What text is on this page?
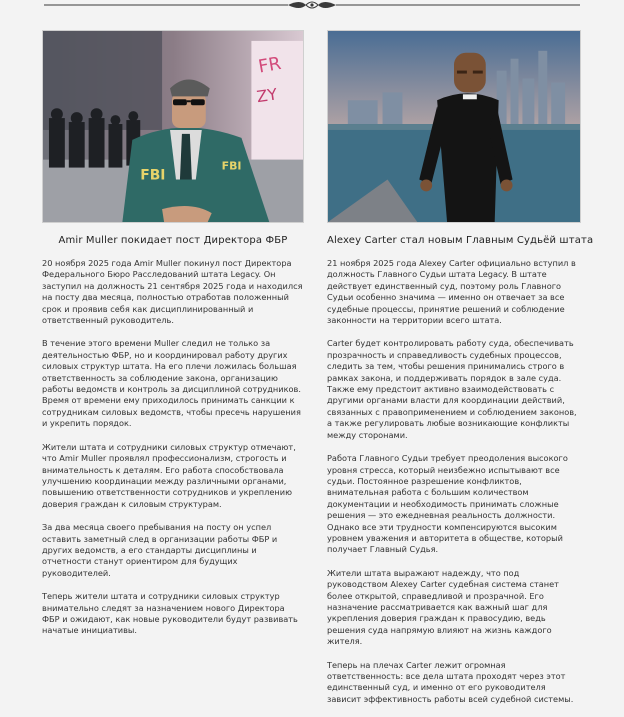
FR
ZY
FBI
FBI
Amir Muller покидает пост Директора ФБР

20 ноября 2025 года Amir Muller покинул пост Директора Федерального Бюро Расследований штата Legacy. Он заступил на должность 21 сентября 2025 года и находился на посту два месяца, полностью отработав положенный срок и проявив себя как дисциплинированный и ответственный руководитель.

В течение этого времени Muller следил не только за деятельностью ФБР, но и координировал работу других силовых структур штата. На его плечи ложилась большая ответственность за соблюдение закона, организацию работы ведомств и контроль за дисциплиной сотрудников. Время от времени ему приходилось принимать санкции к сотрудникам силовых ведомств, чтобы пресечь нарушения и укрепить порядок.

Жители штата и сотрудники силовых структур отмечают, что Amir Muller проявлял профессионализм, строгость и внимательность к деталям. Его работа способствовала улучшению координации между различными органами, повышению ответственности сотрудников и укреплению доверия граждан к силовым структурам.

За два месяца своего пребывания на посту он успел оставить заметный след в организации работы ФБР и других ведомств, а его стандарты дисциплины и отчетности станут ориентиром для будущих руководителей.

Теперь жители штата и сотрудники силовых структур внимательно следят за назначением нового Директора ФБР и ожидают, как новые руководители будут развивать начатые инициативы.

Alexey Carter стал новым Главным Судьёй штата

21 ноября 2025 года Alexey Carter официально вступил в должность Главного Судьи штата Legacy. В штате действует единственный суд, поэтому роль Главного Судьи особенно значима — именно он отвечает за все судебные процессы, принятие решений и соблюдение законности на территории всего штата.

Carter будет контролировать работу суда, обеспечивать прозрачность и справедливость судебных процессов, следить за тем, чтобы решения принимались строго в рамках закона, и поддерживать порядок в зале суда. Также ему предстоит активно взаимодействовать с другими органами власти для координации действий, связанных с правоприменением и соблюдением законов, а также регулировать любые возникающие конфликты между сторонами.

Работа Главного Судьи требует преодоления высокого уровня стресса, который неизбежно испытывают все судьи. Постоянное разрешение конфликтов, внимательная работа с большим количеством документации и необходимость принимать сложные решения — это ежедневная реальность должности. Однако все эти трудности компенсируются высоким уровнем уважения и авторитета в обществе, который получает Главный Судья.

Жители штата выражают надежду, что под руководством Alexey Carter судебная система станет более открытой, справедливой и прозрачной. Его назначение рассматривается как важный шаг для укрепления доверия граждан к правосудию, ведь решения суда напрямую влияют на жизнь каждого жителя.

Теперь на плечах Carter лежит огромная ответственность: все дела штата проходят через этот единственный суд, и именно от его руководителя зависит эффективность работы всей судебной системы.
